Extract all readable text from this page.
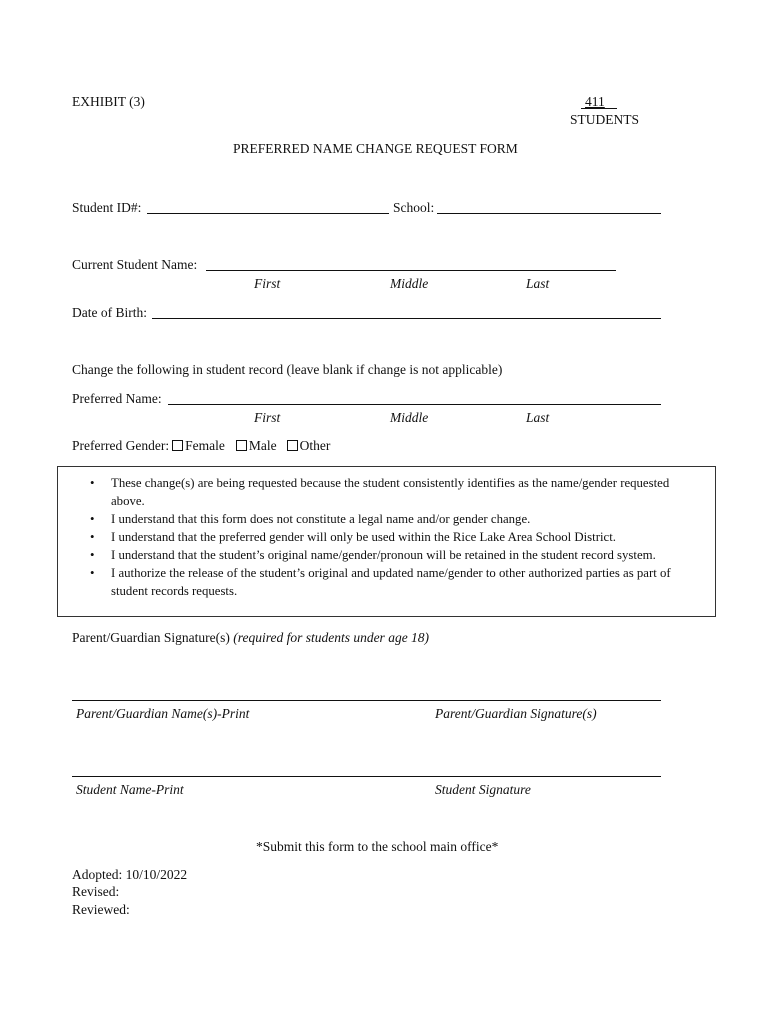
EXHIBIT (3)	411
STUDENTS
PREFERRED NAME CHANGE REQUEST FORM
Student ID#:	School:
Current Student Name:
First	Middle	Last
Date of Birth:
Change the following in student record (leave blank if change is not applicable)
Preferred Name:
First	Middle	Last
Preferred Gender: Female Male Other
• These change(s) are being requested because the student consistently identifies as the name/gender requested above.
• I understand that this form does not constitute a legal name and/or gender change.
• I understand that the preferred gender will only be used within the Rice Lake Area School District.
• I understand that the student’s original name/gender/pronoun will be retained in the student record system.
• I authorize the release of the student’s original and updated name/gender to other authorized parties as part of student records requests.
Parent/Guardian Signature(s) (required for students under age 18)
Parent/Guardian Name(s)-Print	Parent/Guardian Signature(s)
Student Name-Print	Student Signature
*Submit this form to the school main office*
Adopted: 10/10/2022
Revised:
Reviewed:
